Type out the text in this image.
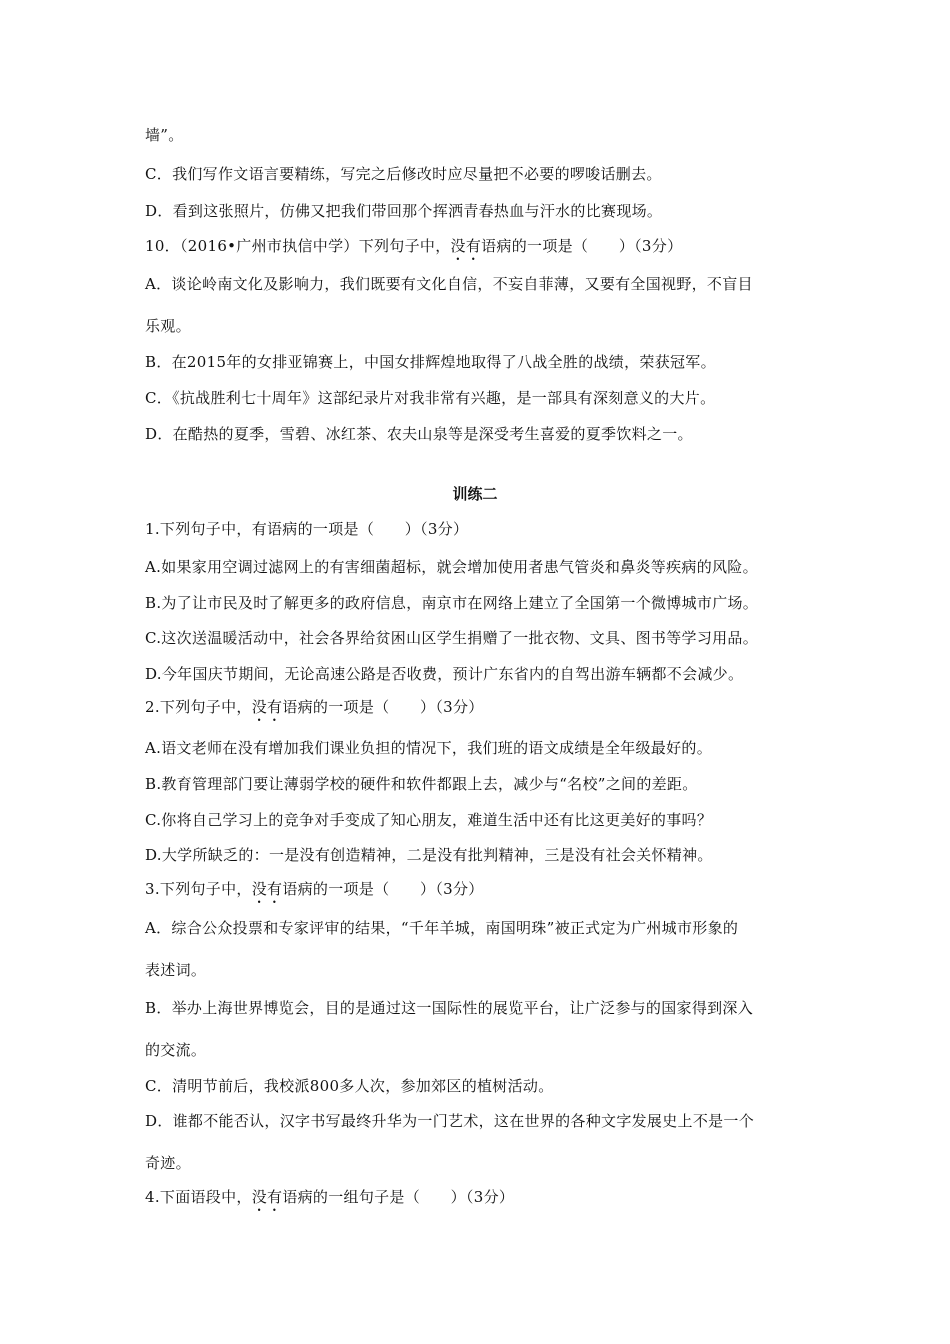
墙”。
C．我们写作文语言要精练，写完之后修改时应尽量把不必要的啰唆话删去。
D．看到这张照片，仿佛又把我们带回那个挥洒青春热血与汗水的比赛现场。
10．（2016•广州市执信中学）下列句子中，没有语病的一项是（　　）（3分）
A．谈论岭南文化及影响力，我们既要有文化自信，不妄自菲薄，又要有全国视野，不盲目
乐观。
B．在2015年的女排亚锦赛上，中国女排辉煌地取得了八战全胜的战绩，荣获冠军。
C．《抗战胜利七十周年》这部纪录片对我非常有兴趣，是一部具有深刻意义的大片。
D．在酷热的夏季，雪碧、冰红茶、农夫山泉等是深受考生喜爱的夏季饮料之一。
训练二
1.下列句子中，有语病的一项是（　　）（3分）
A.如果家用空调过滤网上的有害细菌超标，就会增加使用者患气管炎和鼻炎等疾病的风险。
B.为了让市民及时了解更多的政府信息，南京市在网络上建立了全国第一个微博城市广场。
C.这次送温暖活动中，社会各界给贫困山区学生捐赠了一批衣物、文具、图书等学习用品。
D.今年国庆节期间，无论高速公路是否收费，预计广东省内的自驾出游车辆都不会减少。
2.下列句子中，没有语病的一项是（　　）（3分）
A.语文老师在没有增加我们课业负担的情况下，我们班的语文成绩是全年级最好的。
B.教育管理部门要让薄弱学校的硬件和软件都跟上去，减少与“名校”之间的差距。
C.你将自己学习上的竞争对手变成了知心朋友，难道生活中还有比这更美好的事吗？
D.大学所缺乏的：一是没有创造精神，二是没有批判精神，三是没有社会关怀精神。
3.下列句子中，没有语病的一项是（　　）（3分）
A．综合公众投票和专家评审的结果，“千年羊城，南国明珠”被正式定为广州城市形象的
表述词。
B．举办上海世界博览会，目的是通过这一国际性的展览平台，让广泛参与的国家得到深入
的交流。
C．清明节前后，我校派800多人次，参加郊区的植树活动。
D．谁都不能否认，汉字书写最终升华为一门艺术，这在世界的各种文字发展史上不是一个
奇迹。
4.下面语段中，没有语病的一组句子是（　　）（3分）
